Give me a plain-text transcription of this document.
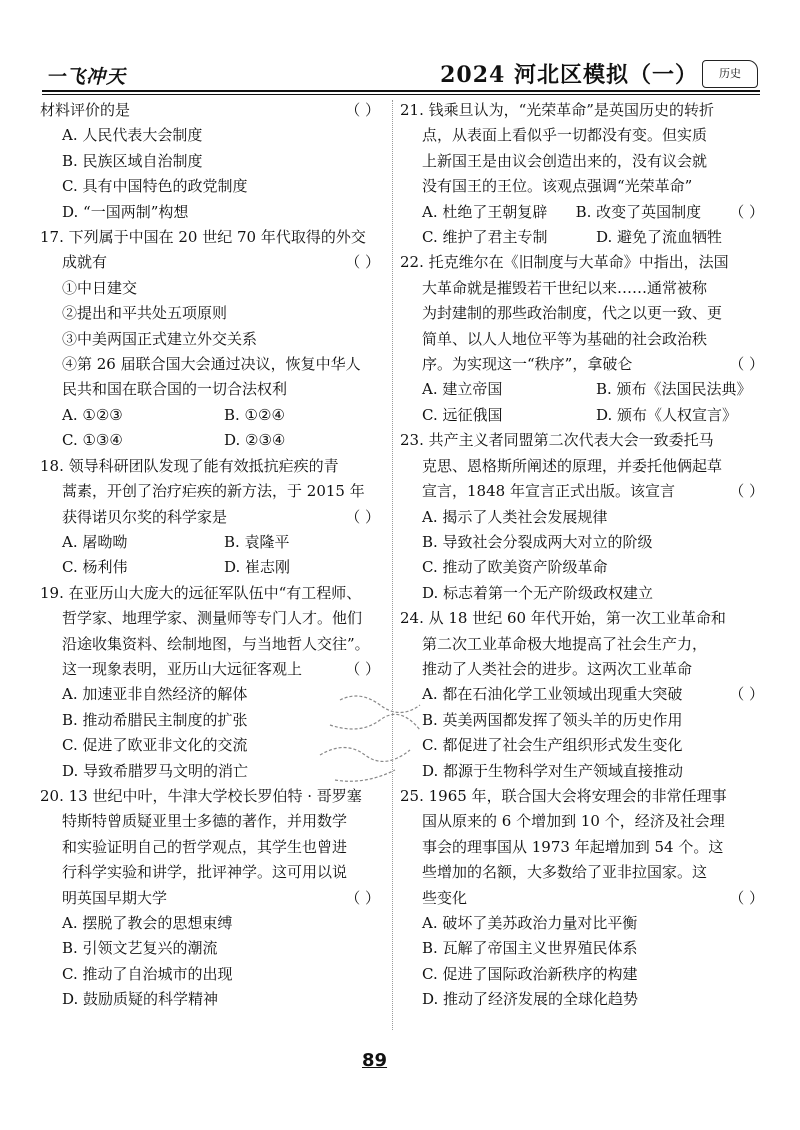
一飞冲天	2024 河北区模拟（一）	历史
（ ）
材料评价的是
A. 人民代表大会制度
B. 民族区域自治制度
C. 具有中国特色的政党制度
D. “一国两制”构想
17. 下列属于中国在 20 世纪 70 年代取得的外交
（ ）
成就有
①中日建交
②提出和平共处五项原则
③中美两国正式建立外交关系
④第 26 届联合国大会通过决议，恢复中华人
民共和国在联合国的一切合法权利
A. ①②③	B. ①②④
C. ①③④	D. ②③④
18. 领导科研团队发现了能有效抵抗疟疾的青
蒿素，开创了治疗疟疾的新方法，于 2015 年
（ ）
获得诺贝尔奖的科学家是
A. 屠呦呦	B. 袁隆平
C. 杨利伟	D. 崔志刚
19. 在亚历山大庞大的远征军队伍中“有工程师、
哲学家、地理学家、测量师等专门人才。他们
沿途收集资料、绘制地图，与当地哲人交往”。
（ ）
这一现象表明，亚历山大远征客观上
A. 加速亚非自然经济的解体
B. 推动希腊民主制度的扩张
C. 促进了欧亚非文化的交流
D. 导致希腊罗马文明的消亡
20. 13 世纪中叶，牛津大学校长罗伯特 · 哥罗塞
特斯特曾质疑亚里士多德的著作，并用数学
和实验证明自己的哲学观点，其学生也曾进
行科学实验和讲学，批评神学。这可用以说
（ ）
明英国早期大学
A. 摆脱了教会的思想束缚
B. 引领文艺复兴的潮流
C. 推动了自治城市的出现
D. 鼓励质疑的科学精神
21. 钱乘旦认为，“光荣革命”是英国历史的转折
点，从表面上看似乎一切都没有变。但实质
上新国王是由议会创造出来的，没有议会就
没有国王的王位。该观点强调“光荣革命”
（ ）
A. 杜绝了王朝复辟	B. 改变了英国制度
C. 维护了君主专制	D. 避免了流血牺牲
22. 托克维尔在《旧制度与大革命》中指出，法国
大革命就是摧毁若干世纪以来……通常被称
为封建制的那些政治制度，代之以更一致、更
简单、以人人地位平等为基础的社会政治秩
（ ）
序。为实现这一“秩序”，拿破仑
A. 建立帝国	B. 颁布《法国民法典》
C. 远征俄国	D. 颁布《人权宣言》
23. 共产主义者同盟第二次代表大会一致委托马
克思、恩格斯所阐述的原理，并委托他俩起草
（ ）
宣言，1848 年宣言正式出版。该宣言
A. 揭示了人类社会发展规律
B. 导致社会分裂成两大对立的阶级
C. 推动了欧美资产阶级革命
D. 标志着第一个无产阶级政权建立
24. 从 18 世纪 60 年代开始，第一次工业革命和
第二次工业革命极大地提高了社会生产力，
推动了人类社会的进步。这两次工业革命
（ ）
A. 都在石油化学工业领域出现重大突破
B. 英美两国都发挥了领头羊的历史作用
C. 都促进了社会生产组织形式发生变化
D. 都源于生物科学对生产领域直接推动
25. 1965 年，联合国大会将安理会的非常任理事
国从原来的 6 个增加到 10 个，经济及社会理
事会的理事国从 1973 年起增加到 54 个。这
些增加的名额，大多数给了亚非拉国家。这
（ ）
些变化
A. 破坏了美苏政治力量对比平衡
B. 瓦解了帝国主义世界殖民体系
C. 促进了国际政治新秩序的构建
D. 推动了经济发展的全球化趋势
89
